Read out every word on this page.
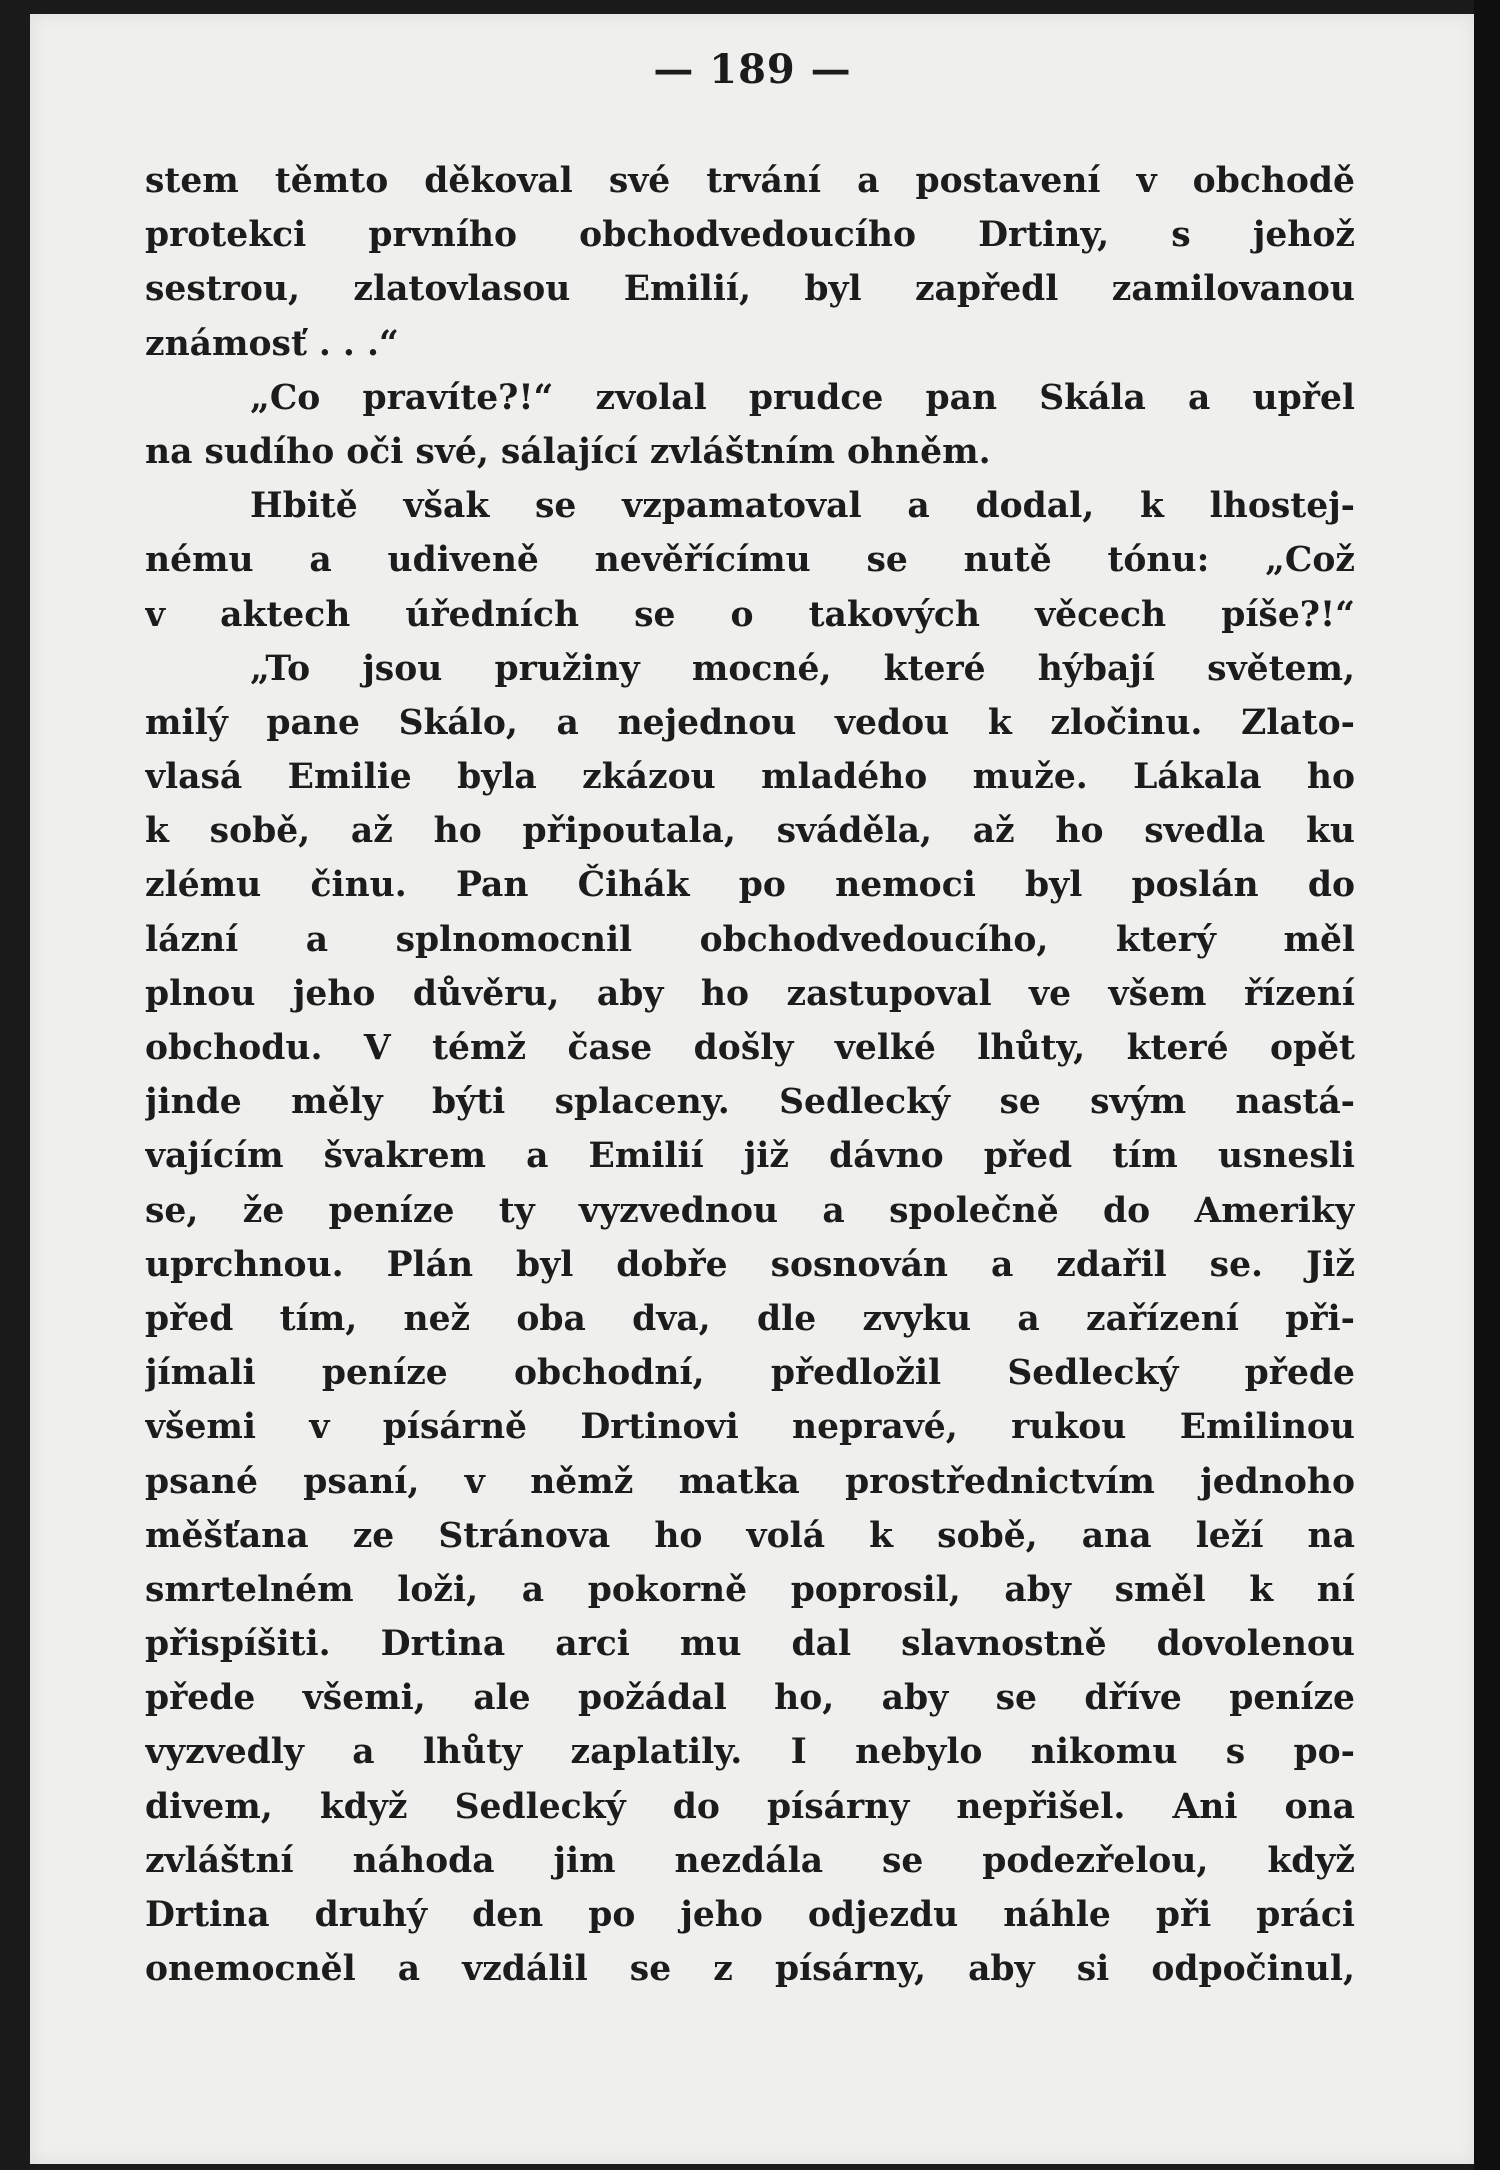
— 189 —
stem těmto děkoval své trvání a postavení v obchodě
protekci prvního obchodvedoucího Drtiny, s jehož
sestrou, zlatovlasou Emilií, byl zapředl zamilovanou
známosť . . .“
„Co pravíte?!“ zvolal prudce pan Skála a upřel
na sudího oči své, sálající zvláštním ohněm.
Hbitě však se vzpamatoval a dodal, k lhostej-
nému a udiveně nevěřícímu se nutě tónu: „Což
v aktech úředních se o takových věcech píše?!“
„To jsou pružiny mocné, které hýbají světem,
milý pane Skálo, a nejednou vedou k zločinu. Zlato-
vlasá Emilie byla zkázou mladého muže. Lákala ho
k sobě, až ho připoutala, sváděla, až ho svedla ku
zlému činu. Pan Čihák po nemoci byl poslán do
lázní a splnomocnil obchodvedoucího, který měl
plnou jeho důvěru, aby ho zastupoval ve všem řízení
obchodu. V témž čase došly velké lhůty, které opět
jinde měly býti splaceny. Sedlecký se svým nastá-
vajícím švakrem a Emilií již dávno před tím usnesli
se, že peníze ty vyzvednou a společně do Ameriky
uprchnou. Plán byl dobře sosnován a zdařil se. Již
před tím, než oba dva, dle zvyku a zařízení při-
jímali peníze obchodní, předložil Sedlecký přede
všemi v písárně Drtinovi nepravé, rukou Emilinou
psané psaní, v němž matka prostřednictvím jednoho
měšťana ze Stránova ho volá k sobě, ana leží na
smrtelném loži, a pokorně poprosil, aby směl k ní
přispíšiti. Drtina arci mu dal slavnostně dovolenou
přede všemi, ale požádal ho, aby se dříve peníze
vyzvedly a lhůty zaplatily. I nebylo nikomu s po-
divem, když Sedlecký do písárny nepřišel. Ani ona
zvláštní náhoda jim nezdála se podezřelou, když
Drtina druhý den po jeho odjezdu náhle při práci
onemocněl a vzdálil se z písárny, aby si odpočinul,
